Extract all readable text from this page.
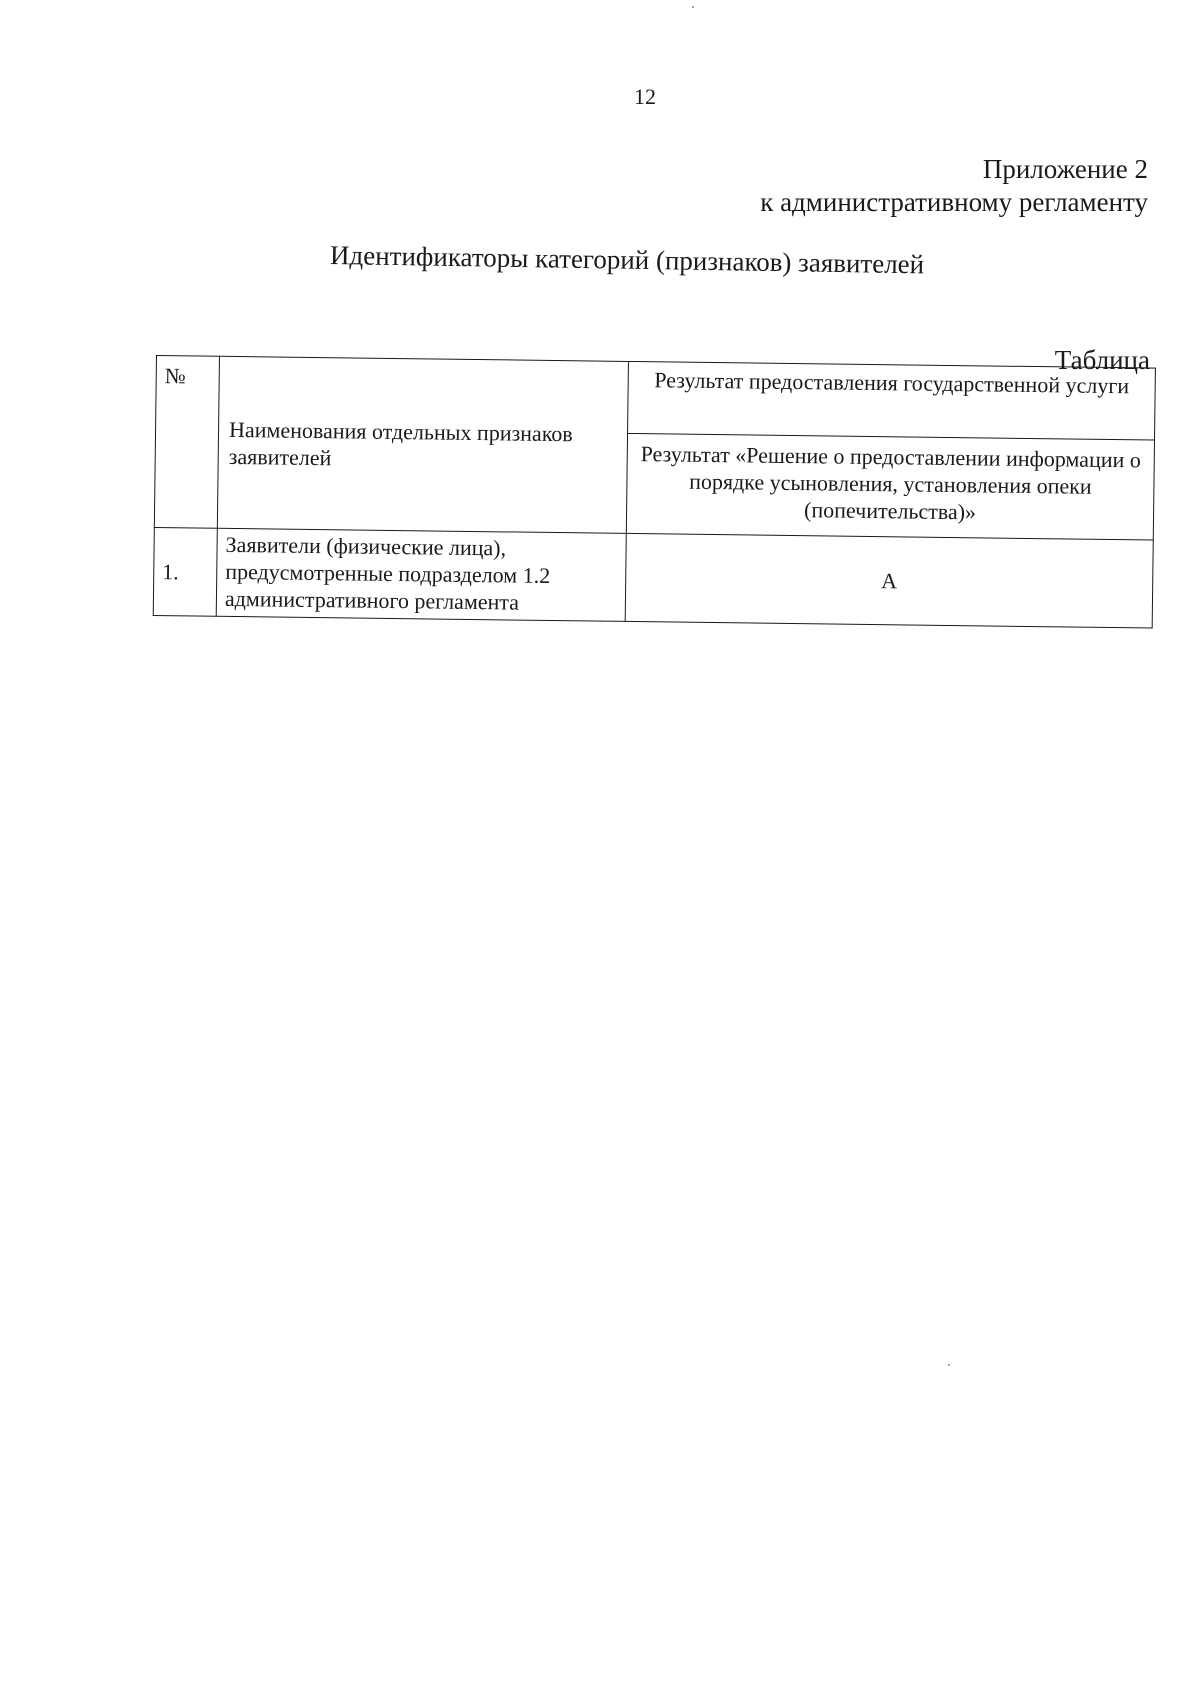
12
Приложение 2
к административному регламенту
Идентификаторы категорий (признаков) заявителей
Таблица
№	Наименования отдельных признаков заявителей	Результат предоставления государственной услуги
		Результат «Решение о предоставлении информации о порядке усыновления, установления опеки (попечительства)»
1.	Заявители (физические лица), предусмотренные подразделом 1.2 административного регламента	А
